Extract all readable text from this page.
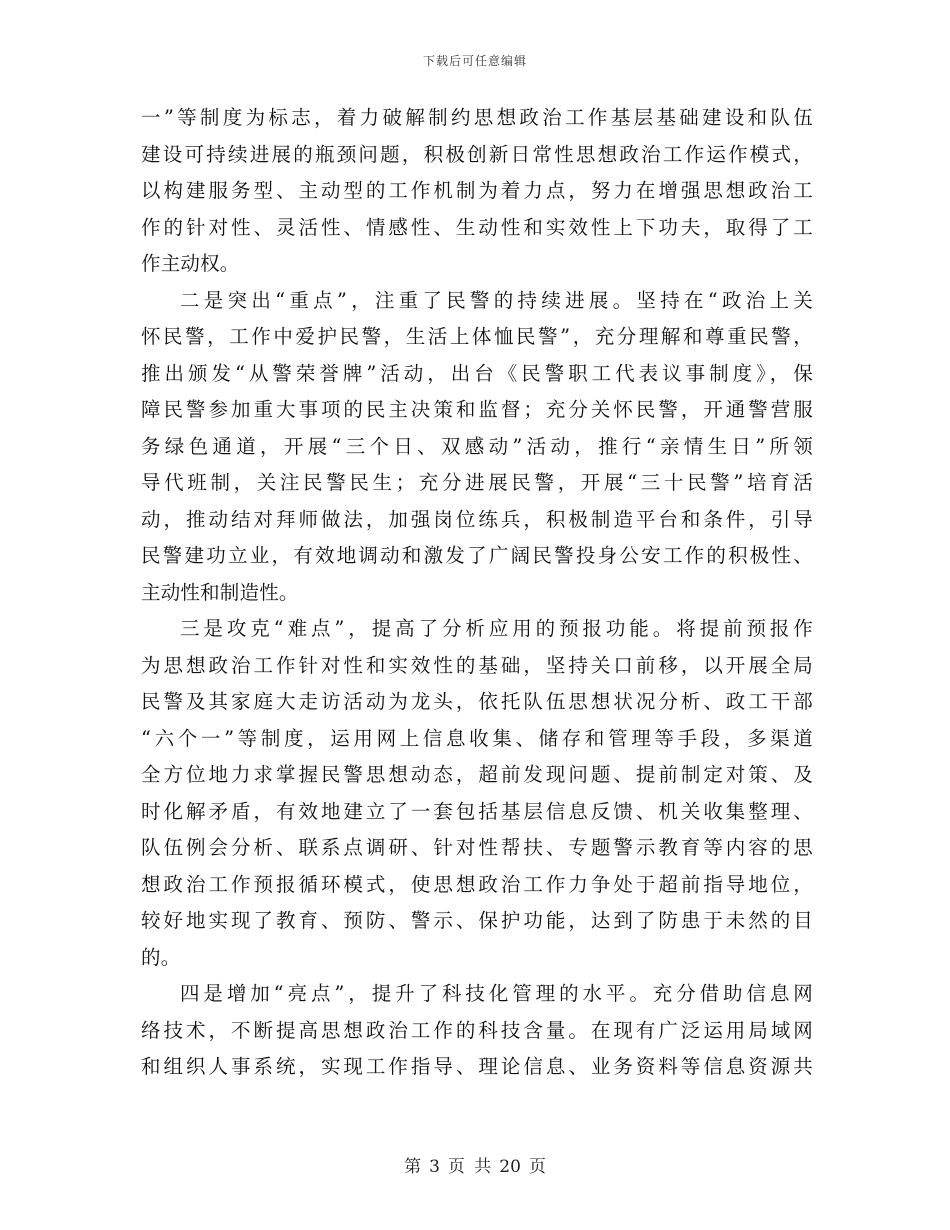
下载后可任意编辑
一”等制度为标志，着力破解制约思想政治工作基层基础建设和队伍
建设可持续进展的瓶颈问题，积极创新日常性思想政治工作运作模式，
以构建服务型、主动型的工作机制为着力点，努力在增强思想政治工
作的针对性、灵活性、情感性、生动性和实效性上下功夫，取得了工
作主动权。
二是突出“重点”，注重了民警的持续进展。坚持在“政治上关
怀民警，工作中爱护民警，生活上体恤民警”，充分理解和尊重民警，
推出颁发“从警荣誉牌”活动，出台《民警职工代表议事制度》，保
障民警参加重大事项的民主决策和监督；充分关怀民警，开通警营服
务绿色通道，开展“三个日、双感动”活动，推行“亲情生日”所领
导代班制，关注民警民生；充分进展民警，开展“三十民警”培育活
动，推动结对拜师做法，加强岗位练兵，积极制造平台和条件，引导
民警建功立业，有效地调动和激发了广阔民警投身公安工作的积极性、
主动性和制造性。
三是攻克“难点”，提高了分析应用的预报功能。将提前预报作
为思想政治工作针对性和实效性的基础，坚持关口前移，以开展全局
民警及其家庭大走访活动为龙头，依托队伍思想状况分析、政工干部
“六个一”等制度，运用网上信息收集、储存和管理等手段，多渠道
全方位地力求掌握民警思想动态，超前发现问题、提前制定对策、及
时化解矛盾，有效地建立了一套包括基层信息反馈、机关收集整理、
队伍例会分析、联系点调研、针对性帮扶、专题警示教育等内容的思
想政治工作预报循环模式，使思想政治工作力争处于超前指导地位，
较好地实现了教育、预防、警示、保护功能，达到了防患于未然的目
的。
四是增加“亮点”，提升了科技化管理的水平。充分借助信息网
络技术，不断提高思想政治工作的科技含量。在现有广泛运用局域网
和组织人事系统，实现工作指导、理论信息、业务资料等信息资源共
第 3 页 共 20 页
